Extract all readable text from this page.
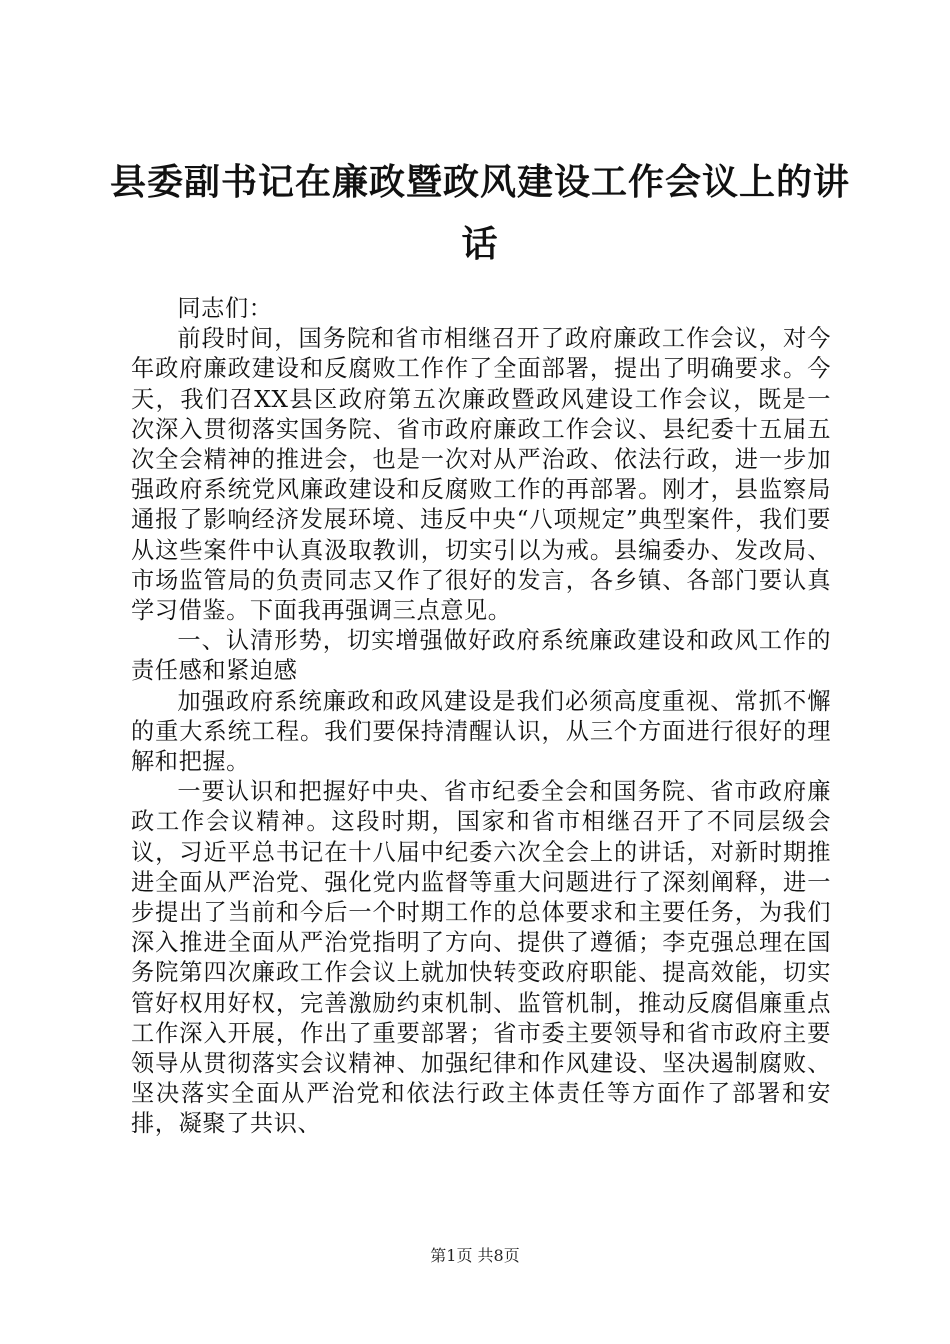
县委副书记在廉政暨政风建设工作会议上的讲
话

同志们：

前段时间，国务院和省市相继召开了政府廉政工作会议，对今年政府廉政建设和反腐败工作作了全面部署，提出了明确要求。今天，我们召XX县区政府第五次廉政暨政风建设工作会议，既是一次深入贯彻落实国务院、省市政府廉政工作会议、县纪委十五届五次全会精神的推进会，也是一次对从严治政、依法行政，进一步加强政府系统党风廉政建设和反腐败工作的再部署。刚才，县监察局通报了影响经济发展环境、违反中央“八项规定”典型案件，我们要从这些案件中认真汲取教训，切实引以为戒。县编委办、发改局、市场监管局的负责同志又作了很好的发言，各乡镇、各部门要认真学习借鉴。下面我再强调三点意见。

一、认清形势，切实增强做好政府系统廉政建设和政风工作的责任感和紧迫感

加强政府系统廉政和政风建设是我们必须高度重视、常抓不懈的重大系统工程。我们要保持清醒认识，从三个方面进行很好的理解和把握。

一要认识和把握好中央、省市纪委全会和国务院、省市政府廉政工作会议精神。这段时期，国家和省市相继召开了不同层级会议，习近平总书记在十八届中纪委六次全会上的讲话，对新时期推进全面从严治党、强化党内监督等重大问题进行了深刻阐释，进一步提出了当前和今后一个时期工作的总体要求和主要任务，为我们深入推进全面从严治党指明了方向、提供了遵循；李克强总理在国务院第四次廉政工作会议上就加快转变政府职能、提高效能，切实管好权用好权，完善激励约束机制、监管机制，推动反腐倡廉重点工作深入开展，作出了重要部署；省市委主要领导和省市政府主要领导从贯彻落实会议精神、加强纪律和作风建设、坚决遏制腐败、坚决落实全面从严治党和依法行政主体责任等方面作了部署和安排，凝聚了共识、

第1页 共8页
